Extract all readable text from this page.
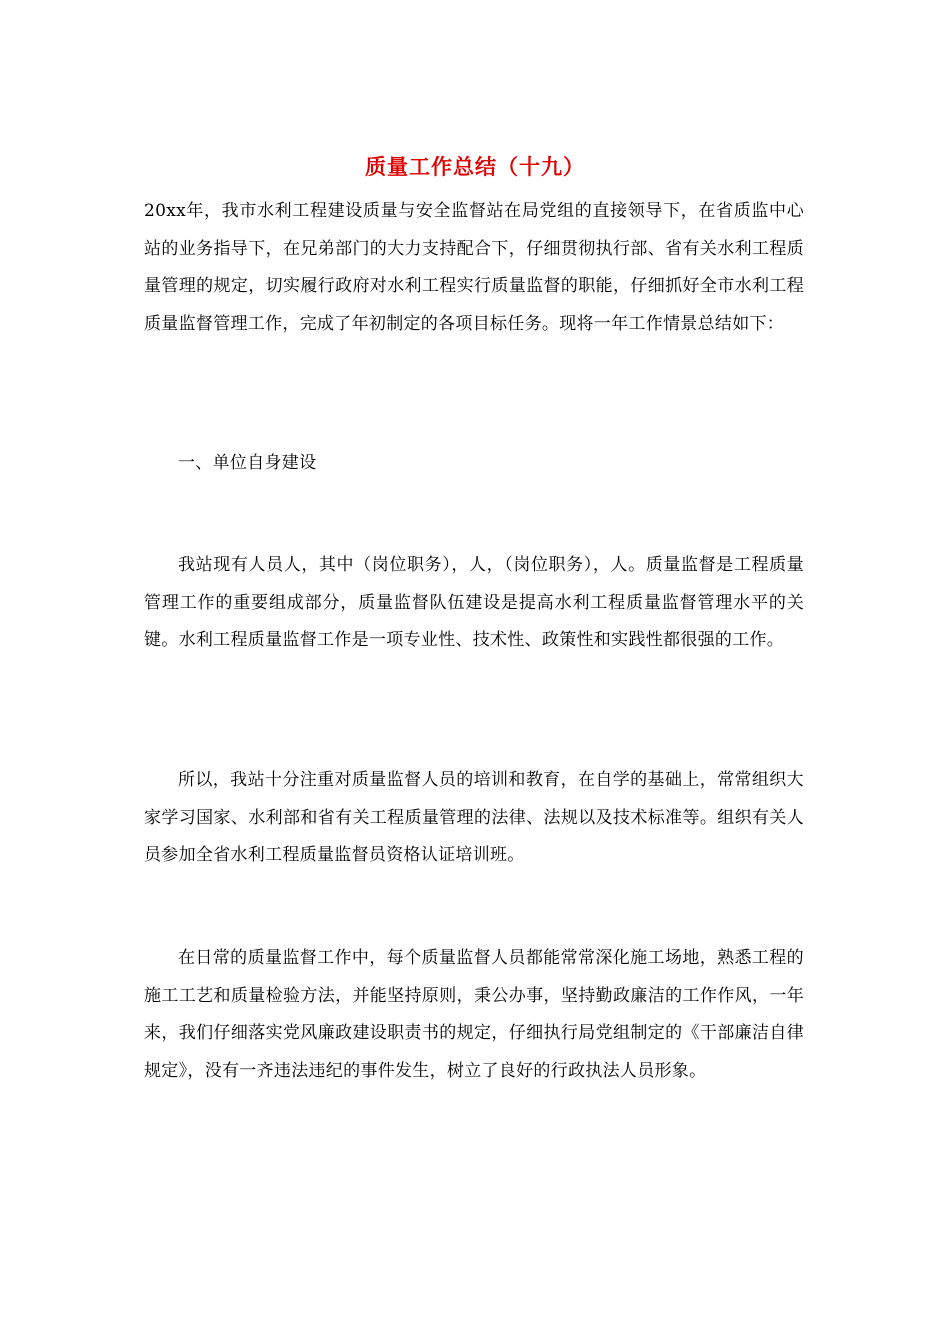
质量工作总结（十九）

20xx年，我市水利工程建设质量与安全监督站在局党组的直接领导下，在省质监中心站的业务指导下，在兄弟部门的大力支持配合下，仔细贯彻执行部、省有关水利工程质量管理的规定，切实履行政府对水利工程实行质量监督的职能，仔细抓好全市水利工程质量监督管理工作，完成了年初制定的各项目标任务。现将一年工作情景总结如下：

一、单位自身建设

我站现有人员人，其中（岗位职务），人，（岗位职务），人。质量监督是工程质量管理工作的重要组成部分，质量监督队伍建设是提高水利工程质量监督管理水平的关键。水利工程质量监督工作是一项专业性、技术性、政策性和实践性都很强的工作。

所以，我站十分注重对质量监督人员的培训和教育，在自学的基础上，常常组织大家学习国家、水利部和省有关工程质量管理的法律、法规以及技术标准等。组织有关人员参加全省水利工程质量监督员资格认证培训班。

在日常的质量监督工作中，每个质量监督人员都能常常深化施工场地，熟悉工程的施工工艺和质量检验方法，并能坚持原则，秉公办事，坚持勤政廉洁的工作作风，一年来，我们仔细落实党风廉政建设职责书的规定，仔细执行局党组制定的《干部廉洁自律规定》，没有一齐违法违纪的事件发生，树立了良好的行政执法人员形象。
